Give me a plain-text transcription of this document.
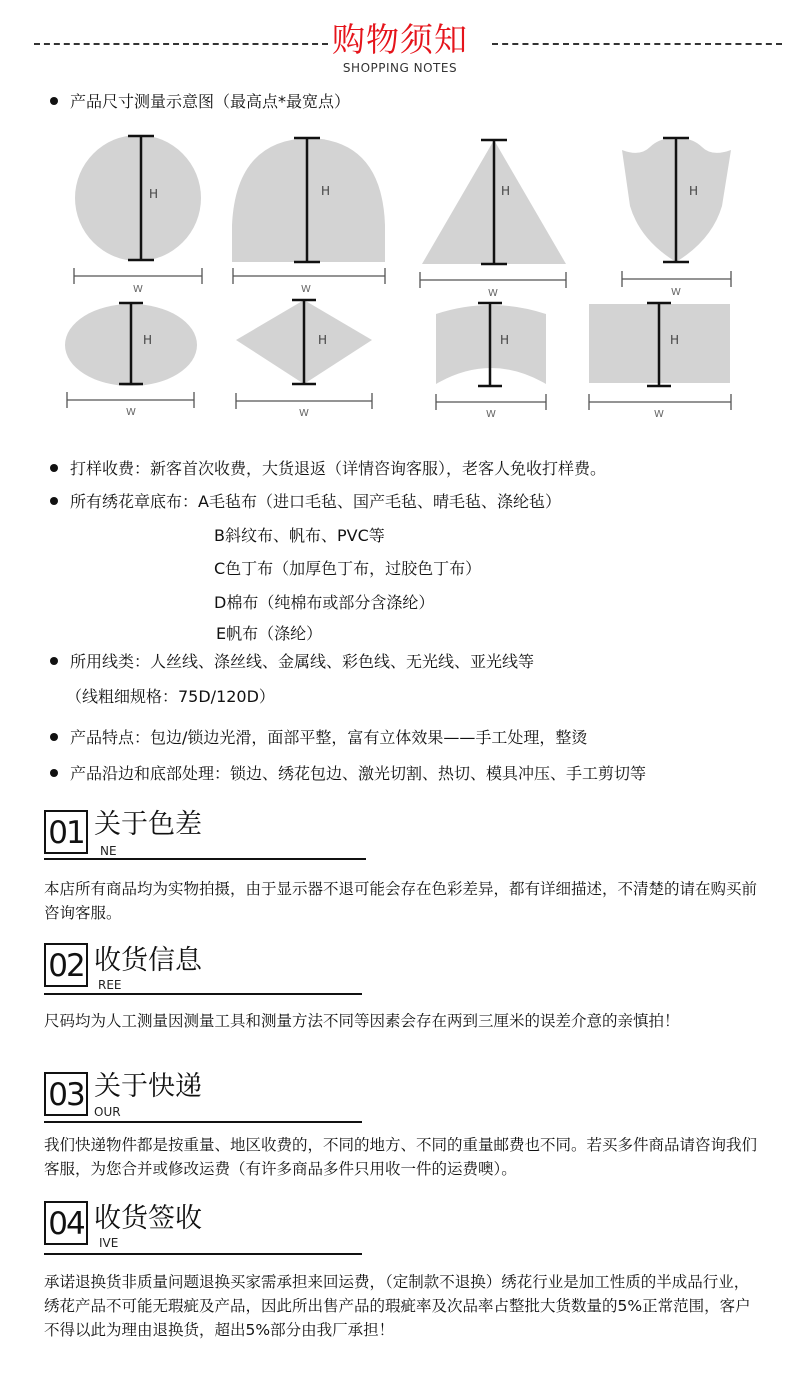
购物须知
SHOPPING NOTES
产品尺寸测量示意图（最高点*最宽点）
H	H	H	H
H	H	H	H
W	W	W	W
W	W	W	W
打样收费：新客首次收费，大货退返（详情咨询客服），老客人免收打样费。
所有绣花章底布：A毛毡布（进口毛毡、国产毛毡、晴毛毡、涤纶毡）
B斜纹布、帆布、PVC等
C色丁布（加厚色丁布，过胶色丁布）
D棉布（纯棉布或部分含涤纶）
E帆布（涤纶）
所用线类：人丝线、涤丝线、金属线、彩色线、无光线、亚光线等
（线粗细规格：75D/120D）
产品特点：包边/锁边光滑，面部平整，富有立体效果——手工处理，整烫
产品沿边和底部处理：锁边、绣花包边、激光切割、热切、模具冲压、手工剪切等
01 关于色差
NE
本店所有商品均为实物拍摄，由于显示器不退可能会存在色彩差异，都有详细描述，不清楚的请在购买前咨询客服。
02 收货信息
REE
尺码均为人工测量因测量工具和测量方法不同等因素会存在两到三厘米的误差介意的亲慎拍！
03 关于快递
OUR
我们快递物件都是按重量、地区收费的，不同的地方、不同的重量邮费也不同。若买多件商品请咨询我们客服，为您合并或修改运费（有许多商品多件只用收一件的运费噢）。
04 收货签收
IVE
承诺退换货非质量问题退换买家需承担来回运费，（定制款不退换）绣花行业是加工性质的半成品行业，绣花产品不可能无瑕疵及产品，因此所出售产品的瑕疵率及次品率占整批大货数量的5%正常范围，客户不得以此为理由退换货，超出5%部分由我厂承担！
